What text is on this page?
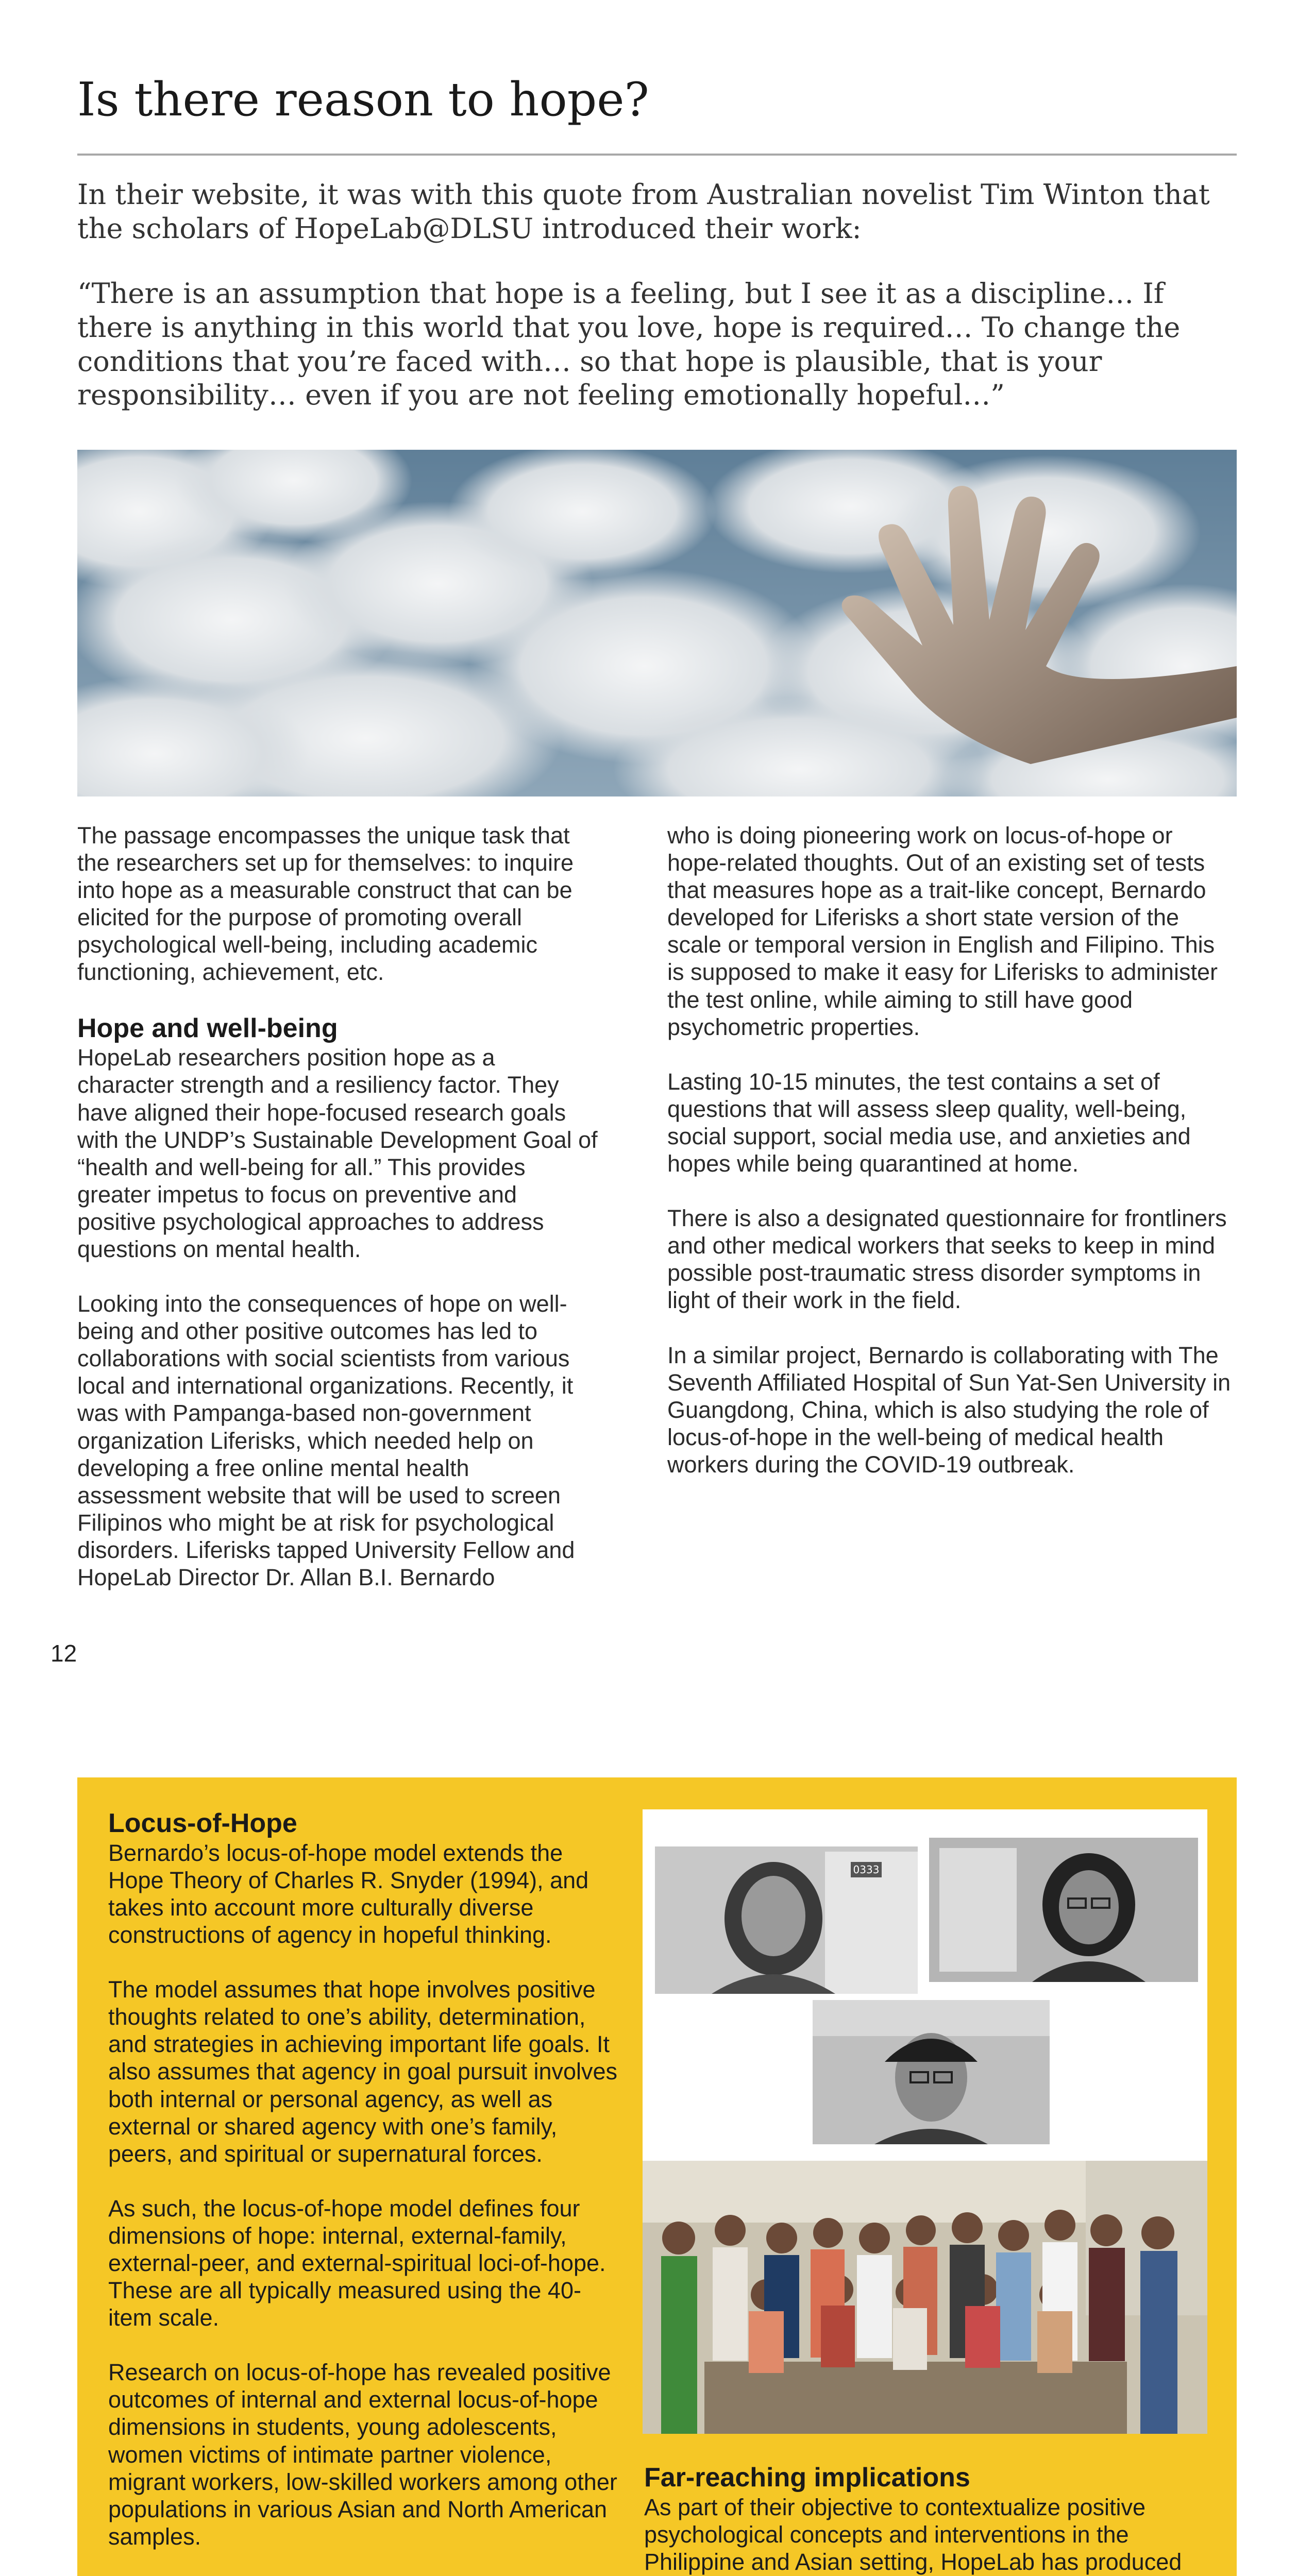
Is there reason to hope?

In their website, it was with this quote from Australian novelist Tim Winton that the scholars of HopeLab@DLSU introduced their work:

“There is an assumption that hope is a feeling, but I see it as a discipline… If there is anything in this world that you love, hope is required… To change the conditions that you’re faced with… so that hope is plausible, that is your responsibility… even if you are not feeling emotionally hopeful…”

The passage encompasses the unique task that the researchers set up for themselves: to inquire into hope as a measurable construct that can be elicited for the purpose of promoting overall psychological well-being, including academic functioning, achievement, etc.

Hope and well-being

HopeLab researchers position hope as a character strength and a resiliency factor. They have aligned their hope-focused research goals with the UNDP’s Sustainable Development Goal of “health and well-being for all.” This provides greater impetus to focus on preventive and positive psychological approaches to address questions on mental health.

Looking into the consequences of hope on well-being and other positive outcomes has led to collaborations with social scientists from various local and international organizations. Recently, it was with Pampanga-based non-government organization Liferisks, which needed help on developing a free online mental health assessment website that will be used to screen Filipinos who might be at risk for psychological disorders. Liferisks tapped University Fellow and HopeLab Director Dr. Allan B.I. Bernardo

who is doing pioneering work on locus-of-hope or hope-related thoughts. Out of an existing set of tests that measures hope as a trait-like concept, Bernardo developed for Liferisks a short state version of the scale or temporal version in English and Filipino. This is supposed to make it easy for Liferisks to administer the test online, while aiming to still have good psychometric properties.

Lasting 10-15 minutes, the test contains a set of questions that will assess sleep quality, well-being, social support, social media use, and anxieties and hopes while being quarantined at home.

There is also a designated questionnaire for frontliners and other medical workers that seeks to keep in mind possible post-traumatic stress disorder symptoms in light of their work in the field.

In a similar project, Bernardo is collaborating with The Seventh Affiliated Hospital of Sun Yat-Sen University in Guangdong, China, which is also studying the role of locus-of-hope in the well-being of medical health workers during the COVID-19 outbreak.

12
Locus-of-Hope

Bernardo’s locus-of-hope model extends the Hope Theory of Charles R. Snyder (1994), and takes into account more culturally diverse constructions of agency in hopeful thinking.

The model assumes that hope involves positive thoughts related to one’s ability, determination, and strategies in achieving important life goals. It also assumes that agency in goal pursuit involves both internal or personal agency, as well as external or shared agency with one’s family, peers, and spiritual or supernatural forces.

As such, the locus-of-hope model defines four dimensions of hope: internal, external-family, external-peer, and external-spiritual loci-of-hope. These are all typically measured using the 40-item scale.

Research on locus-of-hope has revealed positive outcomes of internal and external locus-of-hope dimensions in students, young adolescents, women victims of intimate partner violence, migrant workers, low-skilled workers among other populations in various Asian and North American samples.

0333
Far-reaching implications

As part of their objective to contextualize positive psychological concepts and interventions in the Philippine and Asian setting, HopeLab has produced
